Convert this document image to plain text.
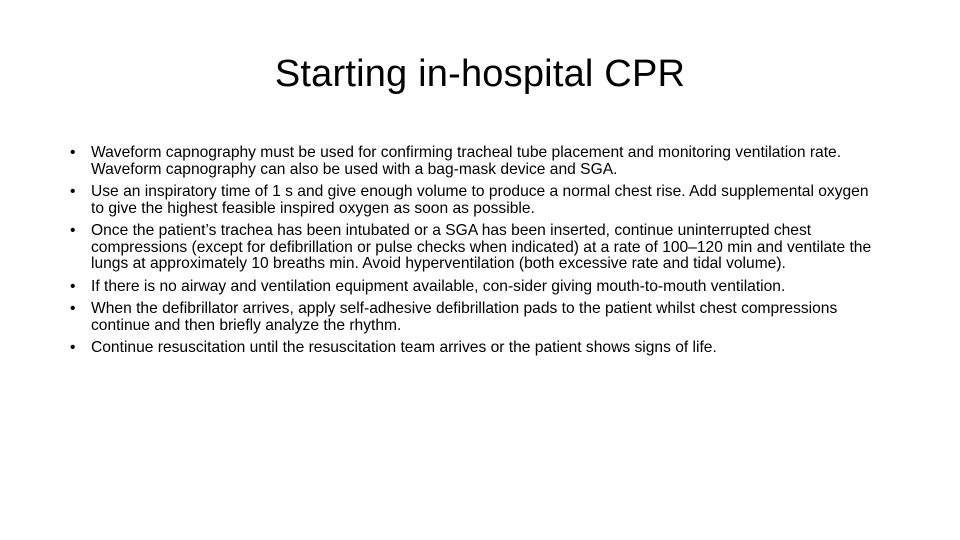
Starting in-hospital CPR
• Waveform capnography must be used for confirming tracheal tube placement and monitoring ventilation rate. Waveform capnography can also be used with a bag-mask device and SGA.
• Use an inspiratory time of 1 s and give enough volume to produce a normal chest rise. Add supplemental oxygen to give the highest feasible inspired oxygen as soon as possible.
• Once the patient’s trachea has been intubated or a SGA has been inserted, continue uninterrupted chest compressions (except for defibrillation or pulse checks when indicated) at a rate of 100–120 min and ventilate the lungs at approximately 10 breaths min. Avoid hyperventilation (both excessive rate and tidal volume).
• If there is no airway and ventilation equipment available, con-sider giving mouth-to-mouth ventilation.
• When the defibrillator arrives, apply self-adhesive defibrillation pads to the patient whilst chest compressions continue and then briefly analyze the rhythm.
• Continue resuscitation until the resuscitation team arrives or the patient shows signs of life.
